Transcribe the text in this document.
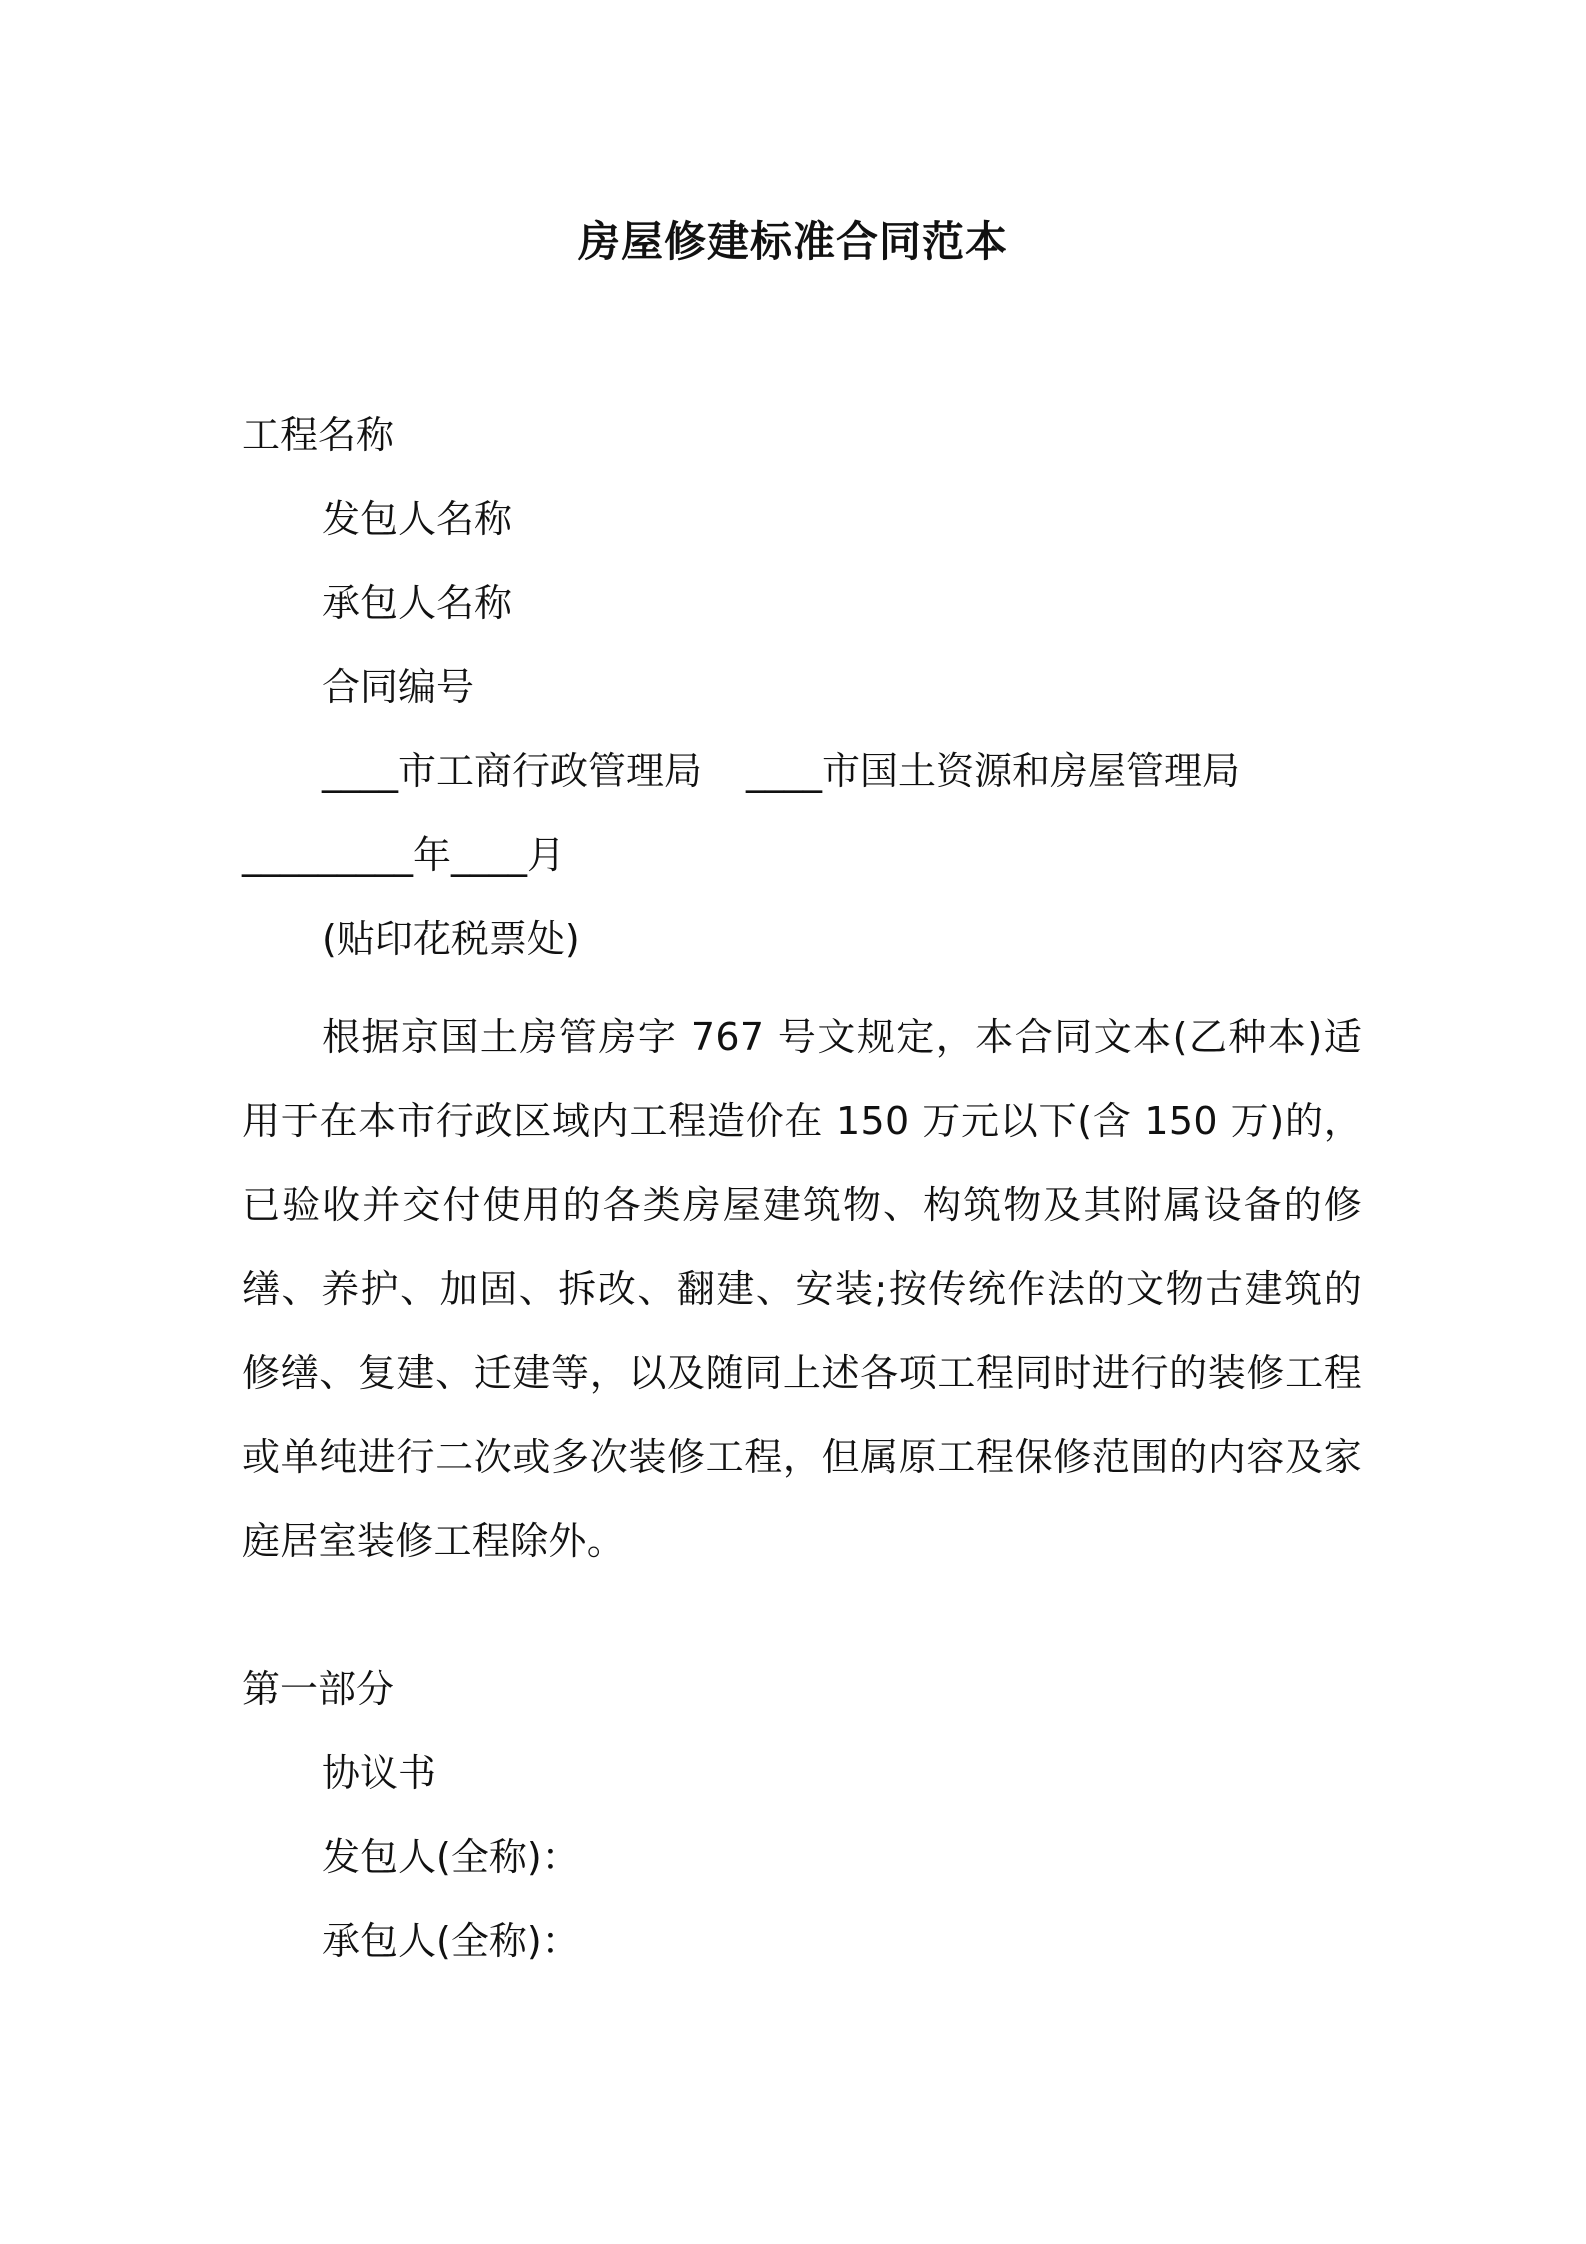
房屋修建标准合同范本
工程名称
发包人名称
承包人名称
合同编号
____市工商行政管理局 ____市国土资源和房屋管理局
_________年____月
(贴印花税票处)
根据京国土房管房字 767 号文规定，本合同文本(乙种本)适用于在本市行政区域内工程造价在 150 万元以下(含 150 万)的，已验收并交付使用的各类房屋建筑物、构筑物及其附属设备的修缮、养护、加固、拆改、翻建、安装;按传统作法的文物古建筑的修缮、复建、迁建等，以及随同上述各项工程同时进行的装修工程或单纯进行二次或多次装修工程，但属原工程保修范围的内容及家庭居室装修工程除外。
第一部分
协议书
发包人(全称)：
承包人(全称)：
